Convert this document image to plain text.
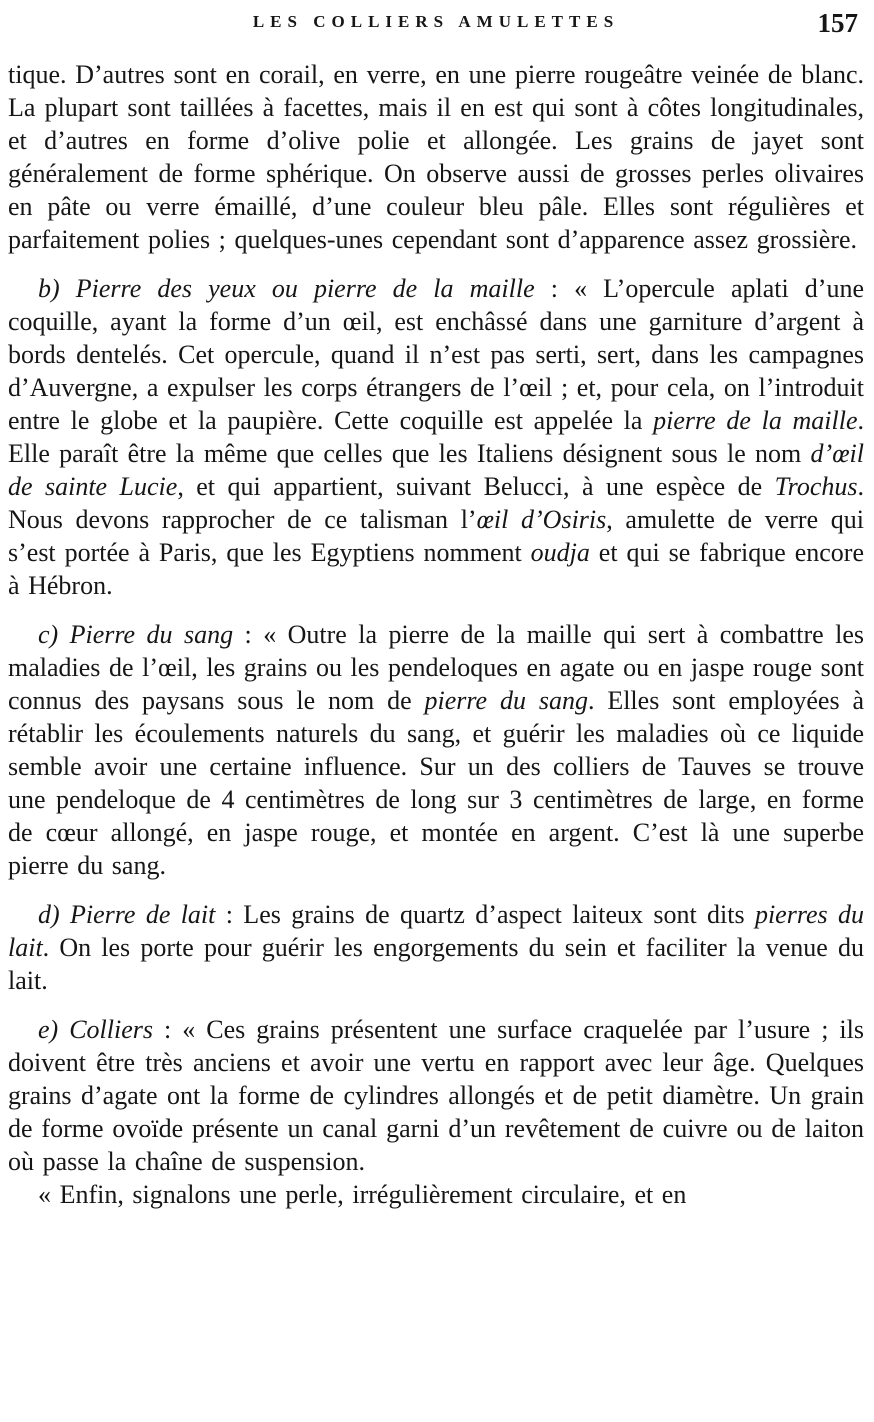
LES COLLIERS AMULETTES	157

tique. D’autres sont en corail, en verre, en une pierre rougeâtre veinée de blanc. La plupart sont taillées à facettes, mais il en est qui sont à côtes longitudinales, et d’autres en forme d’olive polie et allongée. Les grains de jayet sont généralement de forme sphérique. On observe aussi de grosses perles olivaires en pâte ou verre émaillé, d’une couleur bleu pâle. Elles sont régulières et parfaitement polies ; quelques-unes cependant sont d’apparence assez grossière.

b) Pierre des yeux ou pierre de la maille : « L’opercule aplati d’une coquille, ayant la forme d’un œil, est enchâssé dans une garniture d’argent à bords dentelés. Cet opercule, quand il n’est pas serti, sert, dans les campagnes d’Auvergne, a expulser les corps étrangers de l’œil ; et, pour cela, on l’introduit entre le globe et la paupière. Cette coquille est appelée la pierre de la maille. Elle paraît être la même que celles que les Italiens désignent sous le nom d’œil de sainte Lucie, et qui appartient, suivant Belucci, à une espèce de Trochus. Nous devons rapprocher de ce talisman l’œil d’Osiris, amulette de verre qui s’est portée à Paris, que les Egyptiens nomment oudja et qui se fabrique encore à Hébron.

c) Pierre du sang : « Outre la pierre de la maille qui sert à combattre les maladies de l’œil, les grains ou les pendeloques en agate ou en jaspe rouge sont connus des paysans sous le nom de pierre du sang. Elles sont employées à rétablir les écoulements naturels du sang, et guérir les maladies où ce liquide semble avoir une certaine influence. Sur un des colliers de Tauves se trouve une pendeloque de 4 centimètres de long sur 3 centimètres de large, en forme de cœur allongé, en jaspe rouge, et montée en argent. C’est là une superbe pierre du sang.

d) Pierre de lait : Les grains de quartz d’aspect laiteux sont dits pierres du lait. On les porte pour guérir les engorgements du sein et faciliter la venue du lait.

e) Colliers : « Ces grains présentent une surface craquelée par l’usure ; ils doivent être très anciens et avoir une vertu en rapport avec leur âge. Quelques grains d’agate ont la forme de cylindres allongés et de petit diamètre. Un grain de forme ovoïde présente un canal garni d’un revêtement de cuivre ou de laiton où passe la chaîne de suspension.

« Enfin, signalons une perle, irrégulièrement circulaire, et en
